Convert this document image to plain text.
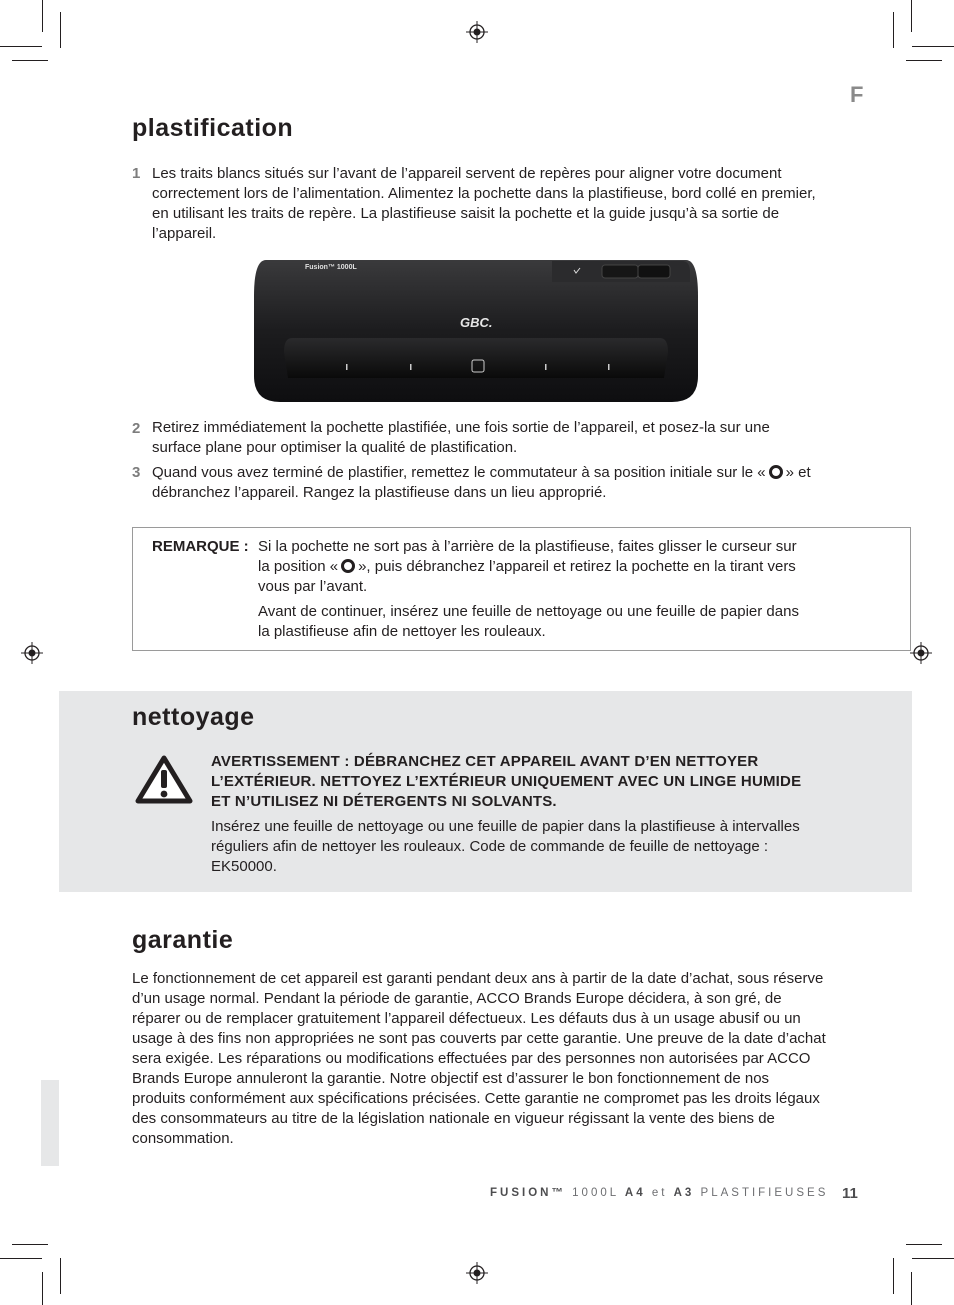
F
plastification
1 Les traits blancs situés sur l’avant de l’appareil servent de repères pour aligner votre document correctement lors de l’alimentation. Alimentez la pochette dans la plastifieuse, bord collé en premier, en utilisant les traits de repère. La plastifieuse saisit la pochette et la guide jusqu’à sa sortie de l’appareil.
Fusion™ 1000L
GBC.
2 Retirez immédiatement la pochette plastifiée, une fois sortie de l’appareil, et posez-la sur une surface plane pour optimiser la qualité de plastification.
3 Quand vous avez terminé de plastifier, remettez le commutateur à sa position initiale sur le « » et débranchez l’appareil. Rangez la plastifieuse dans un lieu approprié.
REMARQUE : Si la pochette ne sort pas à l’arrière de la plastifieuse, faites glisser le curseur sur la position « », puis débranchez l’appareil et retirez la pochette en la tirant vers vous par l’avant.
Avant de continuer, insérez une feuille de nettoyage ou une feuille de papier dans la plastifieuse afin de nettoyer les rouleaux.
nettoyage
AVERTISSEMENT : DÉBRANCHEZ CET APPAREIL AVANT D’EN NETTOYER L’EXTÉRIEUR. NETTOYEZ L’EXTÉRIEUR UNIQUEMENT AVEC UN LINGE HUMIDE ET N’UTILISEZ NI DÉTERGENTS NI SOLVANTS.
Insérez une feuille de nettoyage ou une feuille de papier dans la plastifieuse à intervalles réguliers afin de nettoyer les rouleaux. Code de commande de feuille de nettoyage : EK50000.
garantie
Le fonctionnement de cet appareil est garanti pendant deux ans à partir de la date d’achat, sous réserve d’un usage normal. Pendant la période de garantie, ACCO Brands Europe décidera, à son gré, de réparer ou de remplacer gratuitement l’appareil défectueux. Les défauts dus à un usage abusif ou un usage à des fins non appropriées ne sont pas couverts par cette garantie. Une preuve de la date d’achat sera exigée. Les réparations ou modifications effectuées par des personnes non autorisées par ACCO Brands Europe annuleront la garantie. Notre objectif est d’assurer le bon fonctionnement de nos produits conformément aux spécifications précisées. Cette garantie ne compromet pas les droits légaux des consommateurs au titre de la législation nationale en vigueur régissant la vente des biens de consommation.
FUSION™ 1000L A4 et A3 PLASTIFIEUSES 11
